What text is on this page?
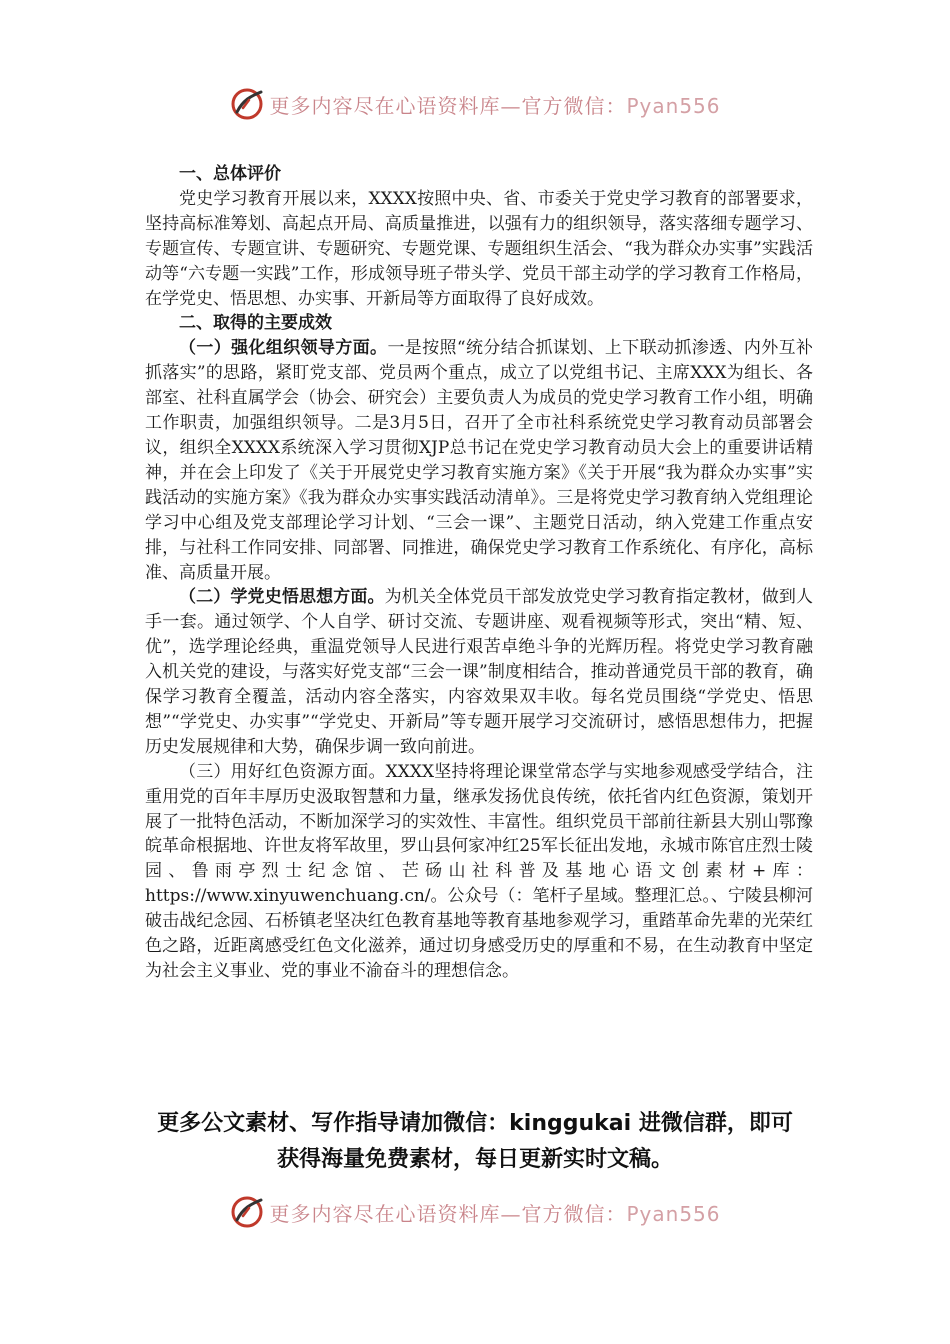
更多内容尽在心语资料库—官方微信：Pyan556

一、总体评价

党史学习教育开展以来，XXXX按照中央、省、市委关于党史学习教育的部署要求，坚持高标准筹划、高起点开局、高质量推进，以强有力的组织领导，落实落细专题学习、专题宣传、专题宣讲、专题研究、专题党课、专题组织生活会、“我为群众办实事”实践活动等“六专题一实践”工作，形成领导班子带头学、党员干部主动学的学习教育工作格局，在学党史、悟思想、办实事、开新局等方面取得了良好成效。

二、取得的主要成效

（一）强化组织领导方面。一是按照“统分结合抓谋划、上下联动抓渗透、内外互补抓落实”的思路，紧盯党支部、党员两个重点，成立了以党组书记、主席XXX为组长、各部室、社科直属学会（协会、研究会）主要负责人为成员的党史学习教育工作小组，明确工作职责，加强组织领导。二是3月5日，召开了全市社科系统党史学习教育动员部署会议，组织全XXXX系统深入学习贯彻XJP总书记在党史学习教育动员大会上的重要讲话精神，并在会上印发了《关于开展党史学习教育实施方案》《关于开展“我为群众办实事”实践活动的实施方案》《我为群众办实事实践活动清单》。三是将党史学习教育纳入党组理论学习中心组及党支部理论学习计划、“三会一课”、主题党日活动，纳入党建工作重点安排，与社科工作同安排、同部署、同推进，确保党史学习教育工作系统化、有序化，高标准、高质量开展。

（二）学党史悟思想方面。为机关全体党员干部发放党史学习教育指定教材，做到人手一套。通过领学、个人自学、研讨交流、专题讲座、观看视频等形式，突出“精、短、优”，选学理论经典，重温党领导人民进行艰苦卓绝斗争的光辉历程。将党史学习教育融入机关党的建设，与落实好党支部“三会一课”制度相结合，推动普通党员干部的教育，确保学习教育全覆盖，活动内容全落实，内容效果双丰收。每名党员围绕“学党史、悟思想”“学党史、办实事”“学党史、开新局”等专题开展学习交流研讨，感悟思想伟力，把握历史发展规律和大势，确保步调一致向前进。

（三）用好红色资源方面。XXXX坚持将理论课堂常态学与实地参观感受学结合，注重用党的百年丰厚历史汲取智慧和力量，继承发扬优良传统，依托省内红色资源，策划开展了一批特色活动，不断加深学习的实效性、丰富性。组织党员干部前往新县大别山鄂豫皖革命根据地、许世友将军故里，罗山县何家冲红25军长征出发地，永城市陈官庄烈士陵园、鲁雨亭烈士纪念馆、芒砀山社科普及基地心语文创素材+库：https://www.xinyuwenchuang.cn/。公众号（：笔杆子星域。整理汇总。、宁陵县柳河破击战纪念园、石桥镇老坚决红色教育基地等教育基地参观学习，重踏革命先辈的光荣红色之路，近距离感受红色文化滋养，通过切身感受历史的厚重和不易，在生动教育中坚定为社会主义事业、党的事业不渝奋斗的理想信念。

更多公文素材、写作指导请加微信：kinggukai 进微信群，即可
获得海量免费素材，每日更新实时文稿。
更多内容尽在心语资料库—官方微信：Pyan556
